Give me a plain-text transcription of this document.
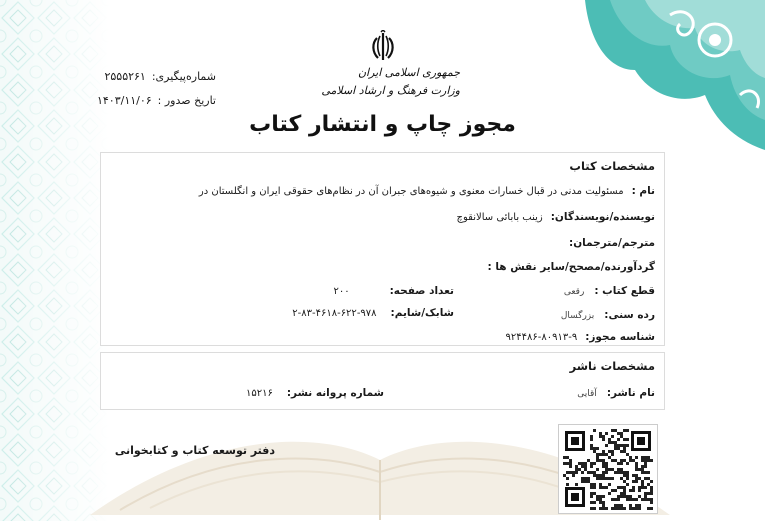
جمهوری اسلامی ایران
وزارت فرهنگ و ارشاد اسلامی
شماره‌پیگیری:۲۵۵۵۲۶۱
تاریخ صدور :۱۴۰۳/۱۱/۰۶
مجوز چاپ و انتشار کتاب
مشخصات کتاب
نام :مسئولیت مدنی در قبال خسارات معنوی و شیوه‌های جبران آن در نظام‌های حقوقی ایران و انگلستان در
نویسنده/نویسندگان:زینب بابائی سالانقوچ
مترجم/مترجمان:
گردآورنده/مصحح/سایر نقش ها :
قطع کتاب :رقعی
تعداد صفحه:۲۰۰
رده سنی:بزرگسال
شابک/شایم:۹۷۸-۶۲۲-۴۶۱۸-۸۳-۲
شناسه مجوز:۹-۸۰۹۱۳-۹۲۴۴۸۶
مشخصات ناشر
نام ناشر:آقایی
شماره پروانه نشر:۱۵۲۱۶
دفتر توسعه کتاب و کتابخوانی
